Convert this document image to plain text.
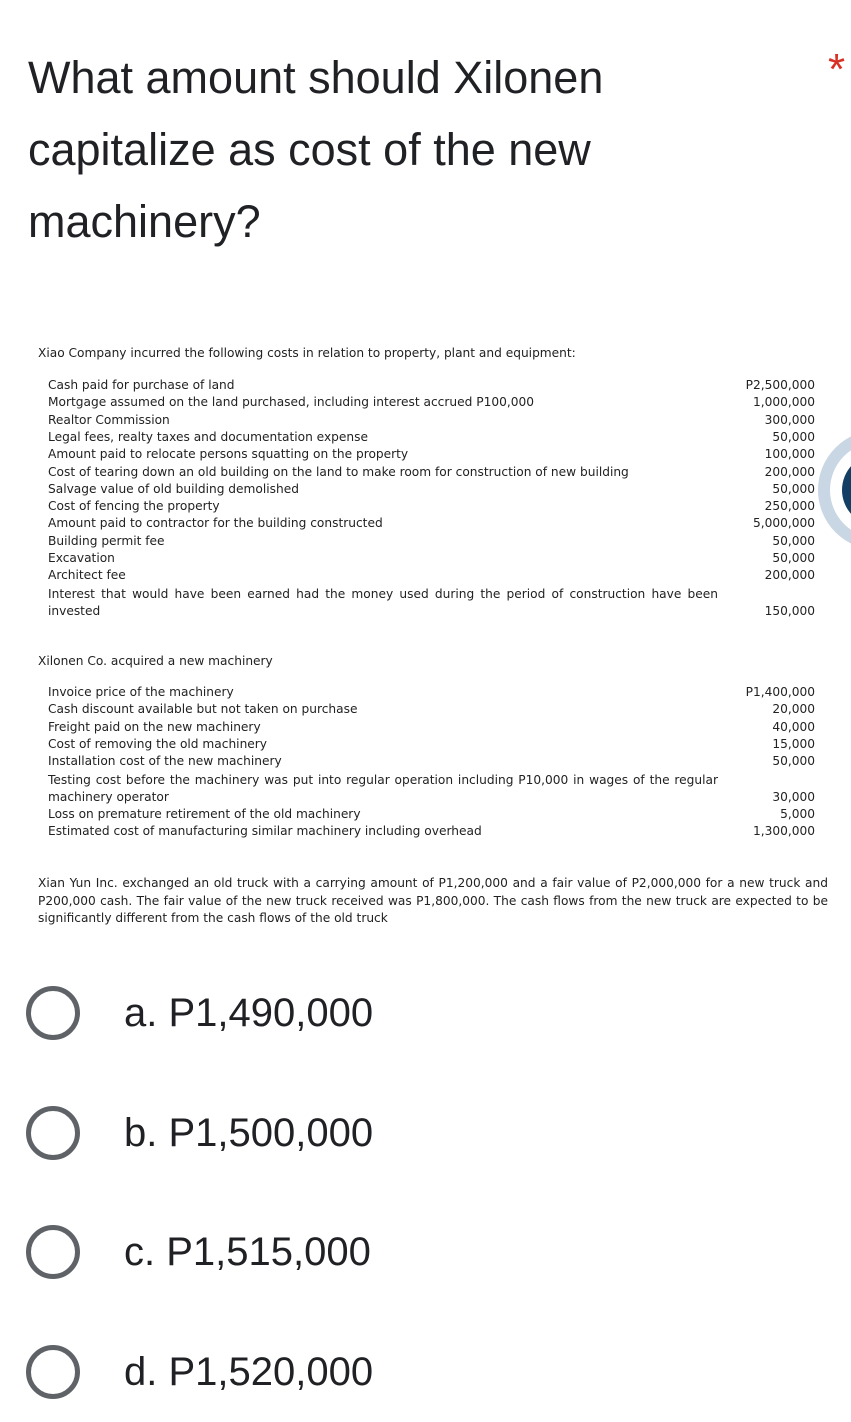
What amount should Xilonen
capitalize as cost of the new
machinery?
*
Xiao Company incurred the following costs in relation to property, plant and equipment:
Cash paid for purchase of land	P2,500,000
Mortgage assumed on the land purchased, including interest accrued P100,000	1,000,000
Realtor Commission	300,000
Legal fees, realty taxes and documentation expense	50,000
Amount paid to relocate persons squatting on the property	100,000
Cost of tearing down an old building on the land to make room for construction of new building	200,000
Salvage value of old building demolished	50,000
Cost of fencing the property	250,000
Amount paid to contractor for the building constructed	5,000,000
Building permit fee	50,000
Excavation	50,000
Architect fee	200,000
Interest that would have been earned had the money used during the period of construction have been invested	150,000
Xilonen Co. acquired a new machinery
Invoice price of the machinery	P1,400,000
Cash discount available but not taken on purchase	20,000
Freight paid on the new machinery	40,000
Cost of removing the old machinery	15,000
Installation cost of the new machinery	50,000
Testing cost before the machinery was put into regular operation including P10,000 in wages of the regular machinery operator	30,000
Loss on premature retirement of the old machinery	5,000
Estimated cost of manufacturing similar machinery including overhead	1,300,000
Xian Yun Inc. exchanged an old truck with a carrying amount of P1,200,000 and a fair value of P2,000,000 for a new truck and P200,000 cash. The fair value of the new truck received was P1,800,000. The cash flows from the new truck are expected to be significantly different from the cash flows of the old truck
a. P1,490,000
b. P1,500,000
c. P1,515,000
d. P1,520,000
